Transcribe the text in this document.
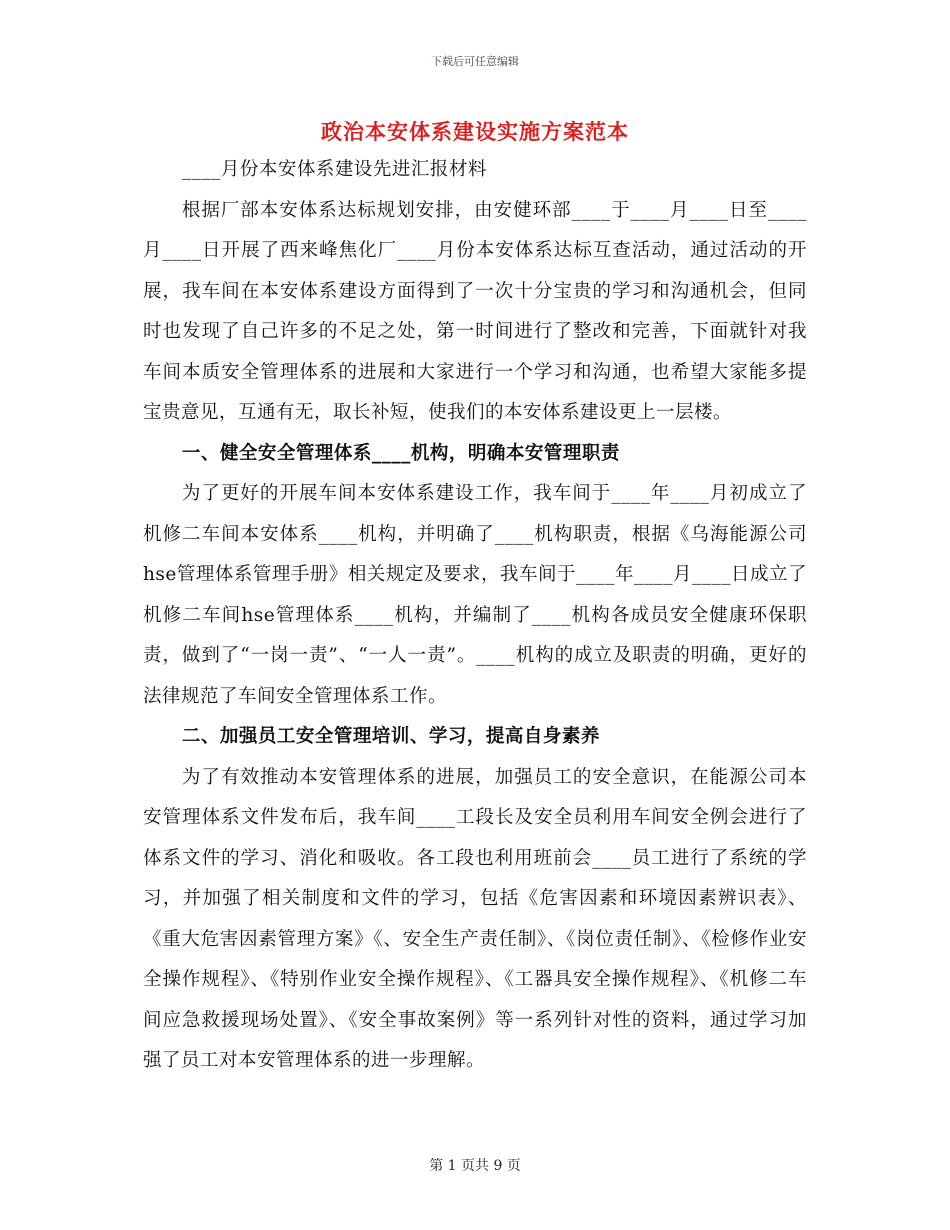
下载后可任意编辑
政治本安体系建设实施方案范本

____月份本安体系建设先进汇报材料

根据厂部本安体系达标规划安排，由安健环部____于____月____日至____月____日开展了西来峰焦化厂____月份本安体系达标互查活动，通过活动的开展，我车间在本安体系建设方面得到了一次十分宝贵的学习和沟通机会，但同时也发现了自己许多的不足之处，第一时间进行了整改和完善，下面就针对我车间本质安全管理体系的进展和大家进行一个学习和沟通，也希望大家能多提宝贵意见，互通有无，取长补短，使我们的本安体系建设更上一层楼。

一、健全安全管理体系____机构，明确本安管理职责

为了更好的开展车间本安体系建设工作，我车间于____年____月初成立了机修二车间本安体系____机构，并明确了____机构职责，根据《乌海能源公司hse管理体系管理手册》相关规定及要求，我车间于____年____月____日成立了机修二车间hse管理体系____机构，并编制了____机构各成员安全健康环保职责，做到了“一岗一责”、“一人一责”。____机构的成立及职责的明确，更好的法律规范了车间安全管理体系工作。

二、加强员工安全管理培训、学习，提高自身素养

为了有效推动本安管理体系的进展，加强员工的安全意识，在能源公司本安管理体系文件发布后，我车间____工段长及安全员利用车间安全例会进行了体系文件的学习、消化和吸收。各工段也利用班前会____员工进行了系统的学习，并加强了相关制度和文件的学习，包括《危害因素和环境因素辨识表》、《重大危害因素管理方案》《、安全生产责任制》、《岗位责任制》、《检修作业安全操作规程》、《特别作业安全操作规程》、《工器具安全操作规程》、《机修二车间应急救援现场处置》、《安全事故案例》等一系列针对性的资料，通过学习加强了员工对本安管理体系的进一步理解。

第 1 页共 9 页
